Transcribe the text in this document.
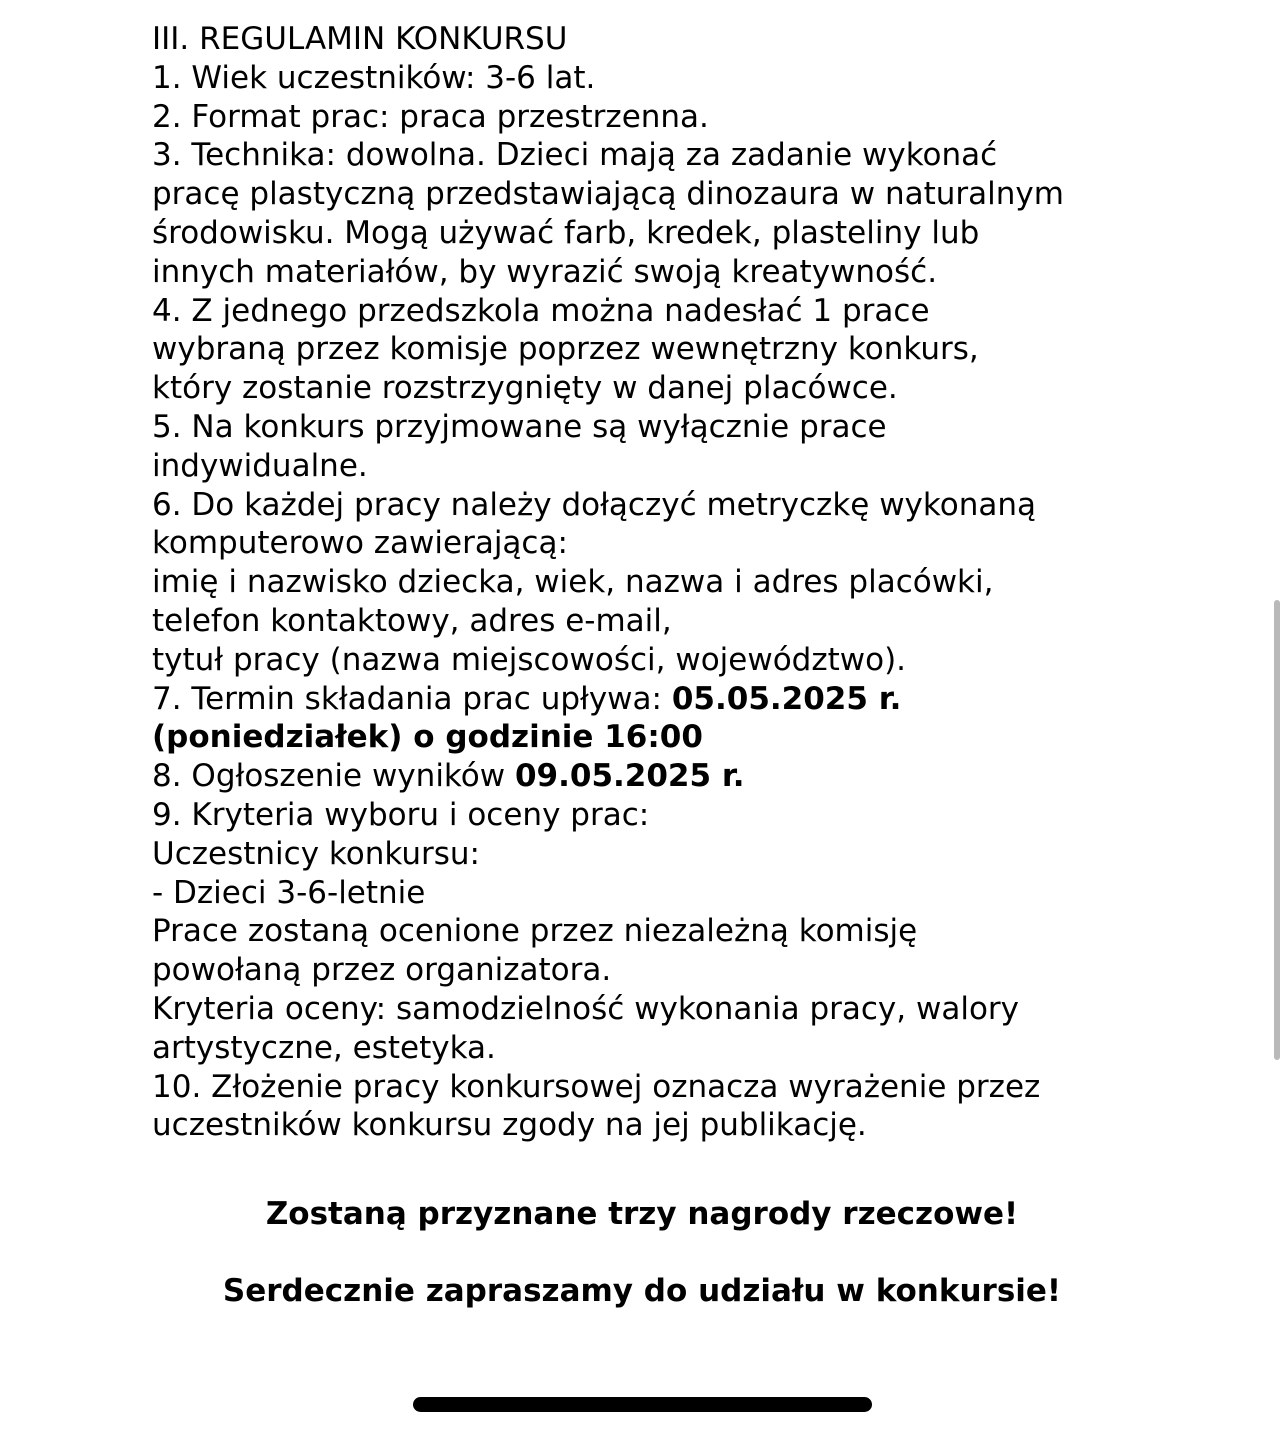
III. REGULAMIN KONKURSU
1. Wiek uczestników: 3-6 lat.
2. Format prac: praca przestrzenna.
3. Technika: dowolna. Dzieci mają za zadanie wykonać
pracę plastyczną przedstawiającą dinozaura w naturalnym
środowisku. Mogą używać farb, kredek, plasteliny lub
innych materiałów, by wyrazić swoją kreatywność.
4. Z jednego przedszkola można nadesłać 1 prace
wybraną przez komisje poprzez wewnętrzny konkurs,
który zostanie rozstrzygnięty w danej placówce.
5. Na konkurs przyjmowane są wyłącznie prace
indywidualne.
6. Do każdej pracy należy dołączyć metryczkę wykonaną
komputerowo zawierającą:
imię i nazwisko dziecka, wiek, nazwa i adres placówki,
telefon kontaktowy, adres e-mail,
tytuł pracy (nazwa miejscowości, województwo).
7. Termin składania prac upływa: 05.05.2025 r.
(poniedziałek) o godzinie 16:00
8. Ogłoszenie wyników 09.05.2025 r.
9. Kryteria wyboru i oceny prac:
Uczestnicy konkursu:
- Dzieci 3-6-letnie
Prace zostaną ocenione przez niezależną komisję
powołaną przez organizatora.
Kryteria oceny: samodzielność wykonania pracy, walory
artystyczne, estetyka.
10. Złożenie pracy konkursowej oznacza wyrażenie przez
uczestników konkursu zgody na jej publikację.
Zostaną przyznane trzy nagrody rzeczowe!
Serdecznie zapraszamy do udziału w konkursie!
